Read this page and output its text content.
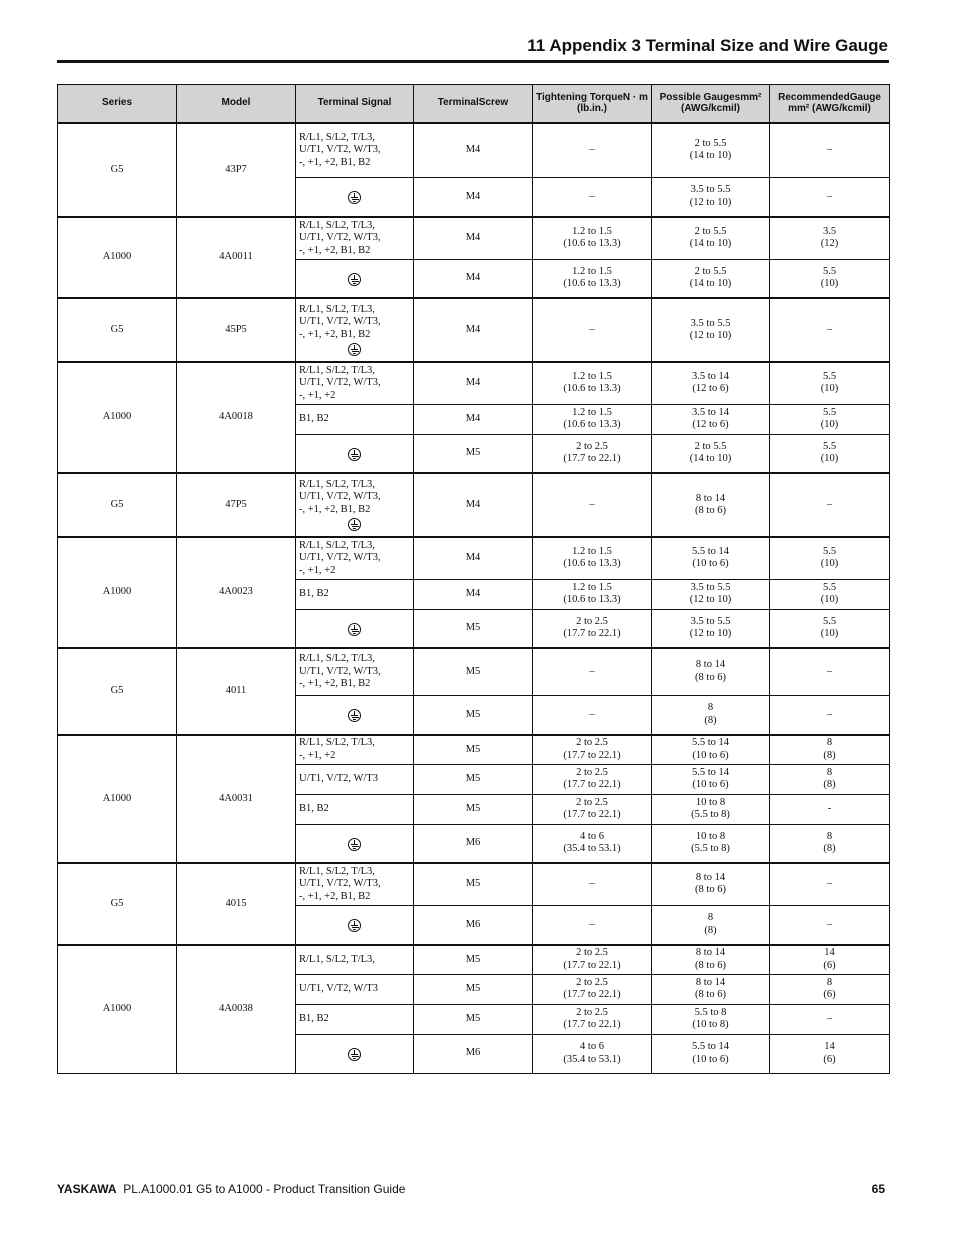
11 Appendix 3 Terminal Size and Wire Gauge
Series	Model	Terminal Signal	TerminalScrew	Tightening TorqueN · m (lb.in.)	Possible Gaugesmm² (AWG/kcmil)	RecommendedGauge mm² (AWG/kcmil)
G5	43P7	R/L1, S/L2, T/L3,
U/T1, V/T2, W/T3,
-, +1, +2, B1, B2	M4	–	2 to 5.5
(14 to 10)	–

			M4	–	3.5 to 5.5
(12 to 10)	–

A1000	4A0011	R/L1, S/L2, T/L3,
U/T1, V/T2, W/T3,
-, +1, +2, B1, B2	M4	1.2 to 1.5
(10.6 to 13.3)	2 to 5.5
(14 to 10)	3.5
(12)

			M4	1.2 to 1.5
(10.6 to 13.3)	2 to 5.5
(14 to 10)	5.5
(10)

G5	45P5	R/L1, S/L2, T/L3,
U/T1, V/T2, W/T3,
-, +1, +2, B1, B2	M4	–	3.5 to 5.5
(12 to 10)	–

A1000	4A0018	R/L1, S/L2, T/L3,
U/T1, V/T2, W/T3,
-, +1, +2	M4	1.2 to 1.5
(10.6 to 13.3)	3.5 to 14
(12 to 6)	5.5
(10)

		B1, B2	M4	1.2 to 1.5
(10.6 to 13.3)	3.5 to 14
(12 to 6)	5.5
(10)

			M5	2 to 2.5
(17.7 to 22.1)	2 to 5.5
(14 to 10)	5.5
(10)

G5	47P5	R/L1, S/L2, T/L3,
U/T1, V/T2, W/T3,
-, +1, +2, B1, B2	M4	–	8 to 14
(8 to 6)	–

A1000	4A0023	R/L1, S/L2, T/L3,
U/T1, V/T2, W/T3,
-, +1, +2	M4	1.2 to 1.5
(10.6 to 13.3)	5.5 to 14
(10 to 6)	5.5
(10)

		B1, B2	M4	1.2 to 1.5
(10.6 to 13.3)	3.5 to 5.5
(12 to 10)	5.5
(10)

			M5	2 to 2.5
(17.7 to 22.1)	3.5 to 5.5
(12 to 10)	5.5
(10)

G5	4011	R/L1, S/L2, T/L3,
U/T1, V/T2, W/T3,
-, +1, +2, B1, B2	M5	–	8 to 14
(8 to 6)	–

			M5	–	8
(8)	–

A1000	4A0031	R/L1, S/L2, T/L3,
-, +1, +2	M5	2 to 2.5
(17.7 to 22.1)	5.5 to 14
(10 to 6)	8
(8)

		U/T1, V/T2, W/T3	M5	2 to 2.5
(17.7 to 22.1)	5.5 to 14
(10 to 6)	8
(8)

		B1, B2	M5	2 to 2.5
(17.7 to 22.1)	10 to 8
(5.5 to 8)	-

			M6	4 to 6
(35.4 to 53.1)	10 to 8
(5.5 to 8)	8
(8)

G5	4015	R/L1, S/L2, T/L3,
U/T1, V/T2, W/T3,
-, +1, +2, B1, B2	M5	–	8 to 14
(8 to 6)	–

			M6	–	8
(8)	–

A1000	4A0038	R/L1, S/L2, T/L3,	M5	2 to 2.5
(17.7 to 22.1)	8 to 14
(8 to 6)	14
(6)

		U/T1, V/T2, W/T3	M5	2 to 2.5
(17.7 to 22.1)	8 to 14
(8 to 6)	8
(6)

		B1, B2	M5	2 to 2.5
(17.7 to 22.1)	5.5 to 8
(10 to 8)	–

			M6	4 to 6
(35.4 to 53.1)	5.5 to 14
(10 to 6)	14
(6)
YASKAWA PL.A1000.01 G5 to A1000 - Product Transition Guide	65
